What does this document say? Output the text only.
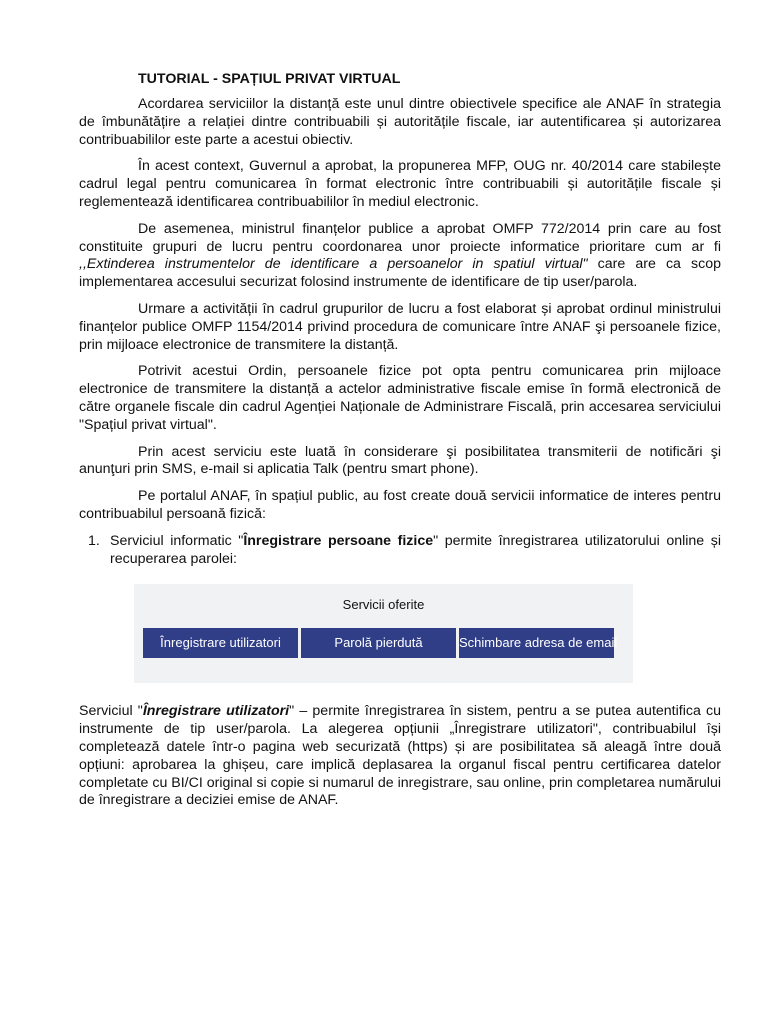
TUTORIAL - SPAȚIUL PRIVAT VIRTUAL

Acordarea serviciilor la distanță este unul dintre obiectivele specifice ale ANAF în strategia de îmbunătățire a relației dintre contribuabili și autoritățile fiscale, iar autentificarea și autorizarea contribuabililor este parte a acestui obiectiv.

În acest context, Guvernul a aprobat, la propunerea MFP, OUG nr. 40/2014 care stabilește cadrul legal pentru comunicarea în format electronic între contribuabili și autoritățile fiscale și reglementează identificarea contribuabililor în mediul electronic.

De asemenea, ministrul finanțelor publice a aprobat OMFP 772/2014 prin care au fost constituite grupuri de lucru pentru coordonarea unor proiecte informatice prioritare cum ar fi ,,Extinderea instrumentelor de identificare a persoanelor in spatiul virtual" care are ca scop implementarea accesului securizat folosind instrumente de identificare de tip user/parola.

Urmare a activității în cadrul grupurilor de lucru a fost elaborat și aprobat ordinul ministrului finanțelor publice OMFP 1154/2014 privind procedura de comunicare între ANAF şi persoanele fizice, prin mijloace electronice de transmitere la distanță.

Potrivit acestui Ordin, persoanele fizice pot opta pentru comunicarea prin mijloace electronice de transmitere la distanță a actelor administrative fiscale emise în formă electronică de către organele fiscale din cadrul Agenției Naționale de Administrare Fiscală, prin accesarea serviciului "Spațiul privat virtual".

Prin acest serviciu este luată în considerare şi posibilitatea transmiterii de notificări şi anunţuri prin SMS, e-mail si aplicatia Talk (pentru smart phone).

Pe portalul ANAF, în spațiul public, au fost create două servicii informatice de interes pentru contribuabilul persoană fizică:

1. Serviciul informatic "Înregistrare persoane fizice" permite înregistrarea utilizatorului online și recuperarea parolei:
Servicii oferite
Înregistrare utilizatori	Parolă pierdută	Schimbare adresa de email

Serviciul "Înregistrare utilizatori" – permite înregistrarea în sistem, pentru a se putea autentifica cu instrumente de tip user/parola. La alegerea opțiunii „Înregistrare utilizatori", contribuabilul își completează datele într-o pagina web securizată (https) și are posibilitatea să aleagă între două opțiuni: aprobarea la ghișeu, care implică deplasarea la organul fiscal pentru certificarea datelor completate cu BI/CI original si copie si numarul de inregistrare, sau online, prin completarea numărului de înregistrare a deciziei emise de ANAF.
